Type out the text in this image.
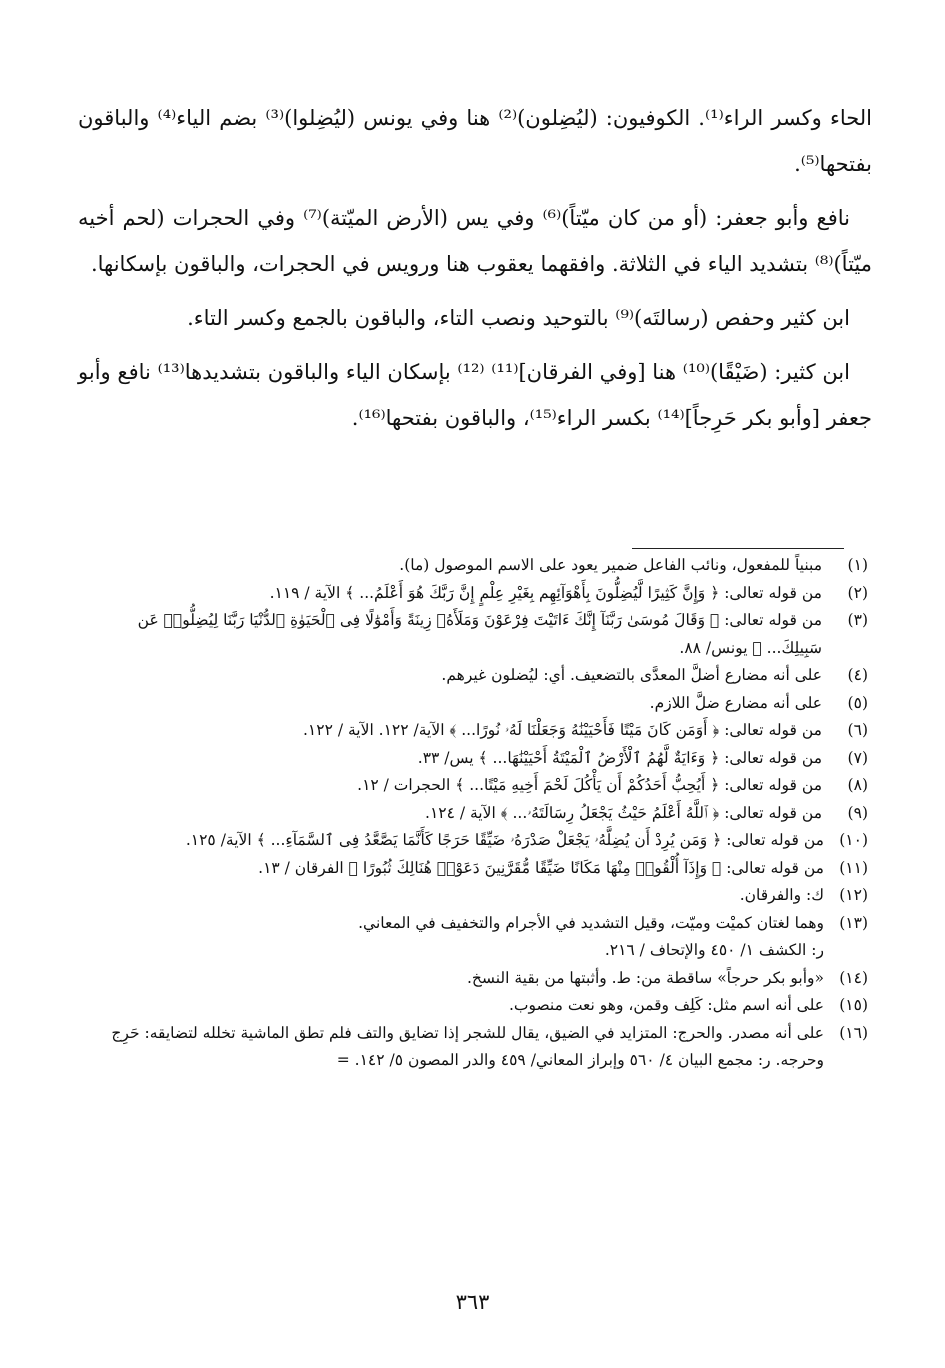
الحاء وكسر الراء⁽¹⁾. الكوفيون: (ليُضِلون)⁽²⁾ هنا وفي يونس (ليُضِلوا)⁽³⁾ بضم الياء⁽⁴⁾ والباقون بفتحها⁽⁵⁾.

نافع وأبو جعفر: (أو من كان ميّتاً)⁽⁶⁾ وفي يس (الأرض الميّتة)⁽⁷⁾ وفي الحجرات (لحم أخيه ميّتاً)⁽⁸⁾ بتشديد الياء في الثلاثة. وافقهما يعقوب هنا ورويس في الحجرات، والباقون بإسكانها.

ابن كثير وحفص (رسالتَه)⁽⁹⁾ بالتوحيد ونصب التاء، والباقون بالجمع وكسر التاء.

ابن كثير: (ضَيْقًا)⁽¹⁰⁾ هنا [وفي الفرقان]⁽¹¹⁾ ⁽¹²⁾ بإسكان الياء والباقون بتشديدها⁽¹³⁾ نافع وأبو جعفر [وأبو بكر حَرِجاً]⁽¹⁴⁾ بكسر الراء⁽¹⁵⁾، والباقون بفتحها⁽¹⁶⁾.

(١)
مبنياً للمفعول، ونائب الفاعل ضمير يعود على الاسم الموصول (ما).
(٢)
من قوله تعالى: ﴿ وَإِنَّ كَثِيرًا لَّيُضِلُّونَ بِأَهْوَآئِهِم بِغَيْرِ عِلْمٍ إِنَّ رَبَّكَ هُوَ أَعْلَمُ... ﴾ الآية / ١١٩.
(٣)
من قوله تعالى: ﴿ وَقَالَ مُوسَىٰ رَبَّنَآ إِنَّكَ ءَاتَيْتَ فِرْعَوْنَ وَمَلَأَهُۥ زِينَةً وَأَمْوَٰلًا فِى ٱلْحَيَوٰةِ ٱلدُّنْيَا رَبَّنَا لِيُضِلُّوا۟ عَن سَبِيلِكَ... ﴾ يونس/ ٨٨.
(٤)
على أنه مضارع أضلَّ المعدَّى بالتضعيف. أي: ليُضلون غيرهم.
(٥)
على أنه مضارع ضلَّ اللازم.
(٦)
من قوله تعالى: ﴿ أَوَمَن كَانَ مَيْتًا فَأَحْيَيْنَٰهُ وَجَعَلْنَا لَهُۥ نُورًا... ﴾ الآية/ ١٢٢. الآية / ١٢٢.
(٧)
من قوله تعالى: ﴿ وَءَايَةٌ لَّهُمُ ٱلْأَرْضُ ٱلْمَيْتَةُ أَحْيَيْنَٰهَا... ﴾ يس/ ٣٣.
(٨)
من قوله تعالى: ﴿ أَيُحِبُّ أَحَدُكُمْ أَن يَأْكُلَ لَحْمَ أَخِيهِ مَيْتًا... ﴾ الحجرات / ١٢.
(٩)
من قوله تعالى: ﴿ ٱللَّهُ أَعْلَمُ حَيْثُ يَجْعَلُ رِسَالَتَهُۥ... ﴾ الآية / ١٢٤.
(١٠)
من قوله تعالى: ﴿ وَمَن يُرِدْ أَن يُضِلَّهُۥ يَجْعَلْ صَدْرَهُۥ ضَيِّقًا حَرَجًا كَأَنَّمَا يَصَّعَّدُ فِى ٱلسَّمَآءِ... ﴾ الآية/ ١٢٥.
(١١)
من قوله تعالى: ﴿ وَإِذَآ أُلْقُوا۟ مِنْهَا مَكَانًا ضَيِّقًا مُّقَرَّنِينَ دَعَوْا۟ هُنَالِكَ ثُبُورًا ﴾ الفرقان / ١٣.
(١٢)
ك: والفرقان.
(١٣)
وهما لغتان كميْت وميّت، وقيل التشديد في الأجرام والتخفيف في المعاني.
ر: الكشف ١/ ٤٥٠ والإتحاف / ٢١٦.
(١٤)
«وأبو بكر حرجاً» ساقطة من: ط. وأثبتها من بقية النسخ.
(١٥)
على أنه اسم مثل: كَلِف وقمن، وهو نعت منصوب.
(١٦)
على أنه مصدر. والحرج: المتزايد في الضيق، يقال للشجر إذا تضايق والتف فلم تطق الماشية تخلله لتضايقه: حَرِج وحرجه. ر: مجمع البيان ٤/ ٥٦٠ وإبراز المعاني/ ٤٥٩ والدر المصون ٥/ ١٤٢. =
٣٦٣
